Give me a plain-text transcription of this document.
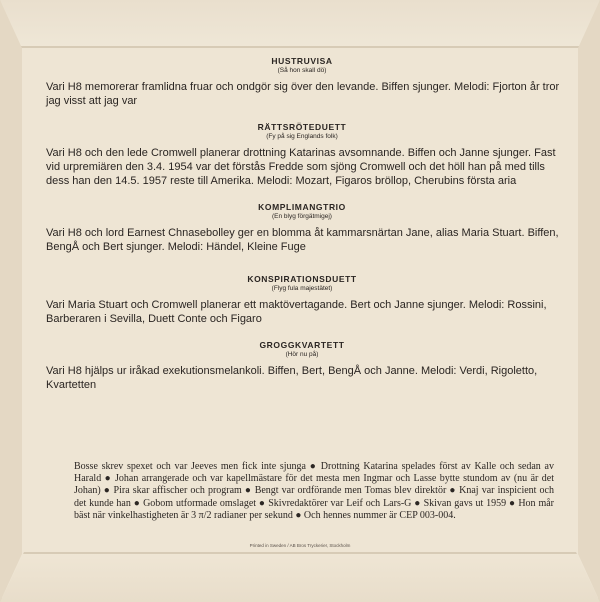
HUSTRUVISA

(Så hon skall dö)

Vari H8 memorerar framlidna fruar och ondgör sig över den levande. Biffen sjunger. Melodi: Fjorton år tror jag visst att jag var

RÄTTSRÖTEDUETT

(Fy på sig Englands folk)

Vari H8 och den lede Cromwell planerar drottning Katarinas avsomnande. Biffen och Janne sjunger. Fast vid urpremiären den 3.4. 1954 var det förstås Fredde som sjöng Cromwell och det höll han på med tills dess han den 14.5. 1957 reste till Amerika. Melodi: Mozart, Figaros bröllop, Cherubins första aria

KOMPLIMANGTRIO

(En blyg förgätmigej)

Vari H8 och lord Earnest Chnasebolley ger en blomma åt kammarsnärtan Jane, alias Maria Stuart. Biffen, BengÅ och Bert sjunger. Melodi: Händel, Kleine Fuge

KONSPIRATIONSDUETT

(Flyg fula majestätet)

Vari Maria Stuart och Cromwell planerar ett maktövertagande. Bert och Janne sjunger. Melodi: Rossini, Barberaren i Sevilla, Duett Conte och Figaro

GROGGKVARTETT

(Hör nu på)

Vari H8 hjälps ur iråkad exekutionsmelankoli. Biffen, Bert, BengÅ och Janne. Melodi: Verdi, Rigoletto, Kvartetten

Bosse skrev spexet och var Jeeves men fick inte sjunga ● Drottning Katarina spelades först av Kalle och sedan av Harald ● Johan arrangerade och var kapellmästare för det mesta men Ingmar och Lasse bytte stundom av (nu är det Johan) ● Pira skar affischer och program ● Bengt var ordförande men Tomas blev direktör ● Knaj var inspicient och det kunde han ● Gobom utformade omslaget ● Skivredaktörer var Leif och Lars-G ● Skivan gavs ut 1959 ● Hon mår bäst när vinkelhastigheten är 3 π/2 radianer per sekund ● Och hennes nummer är CEP 003-004.
Printed in Sweden / AB Bros Tryckerier, Stockholm
